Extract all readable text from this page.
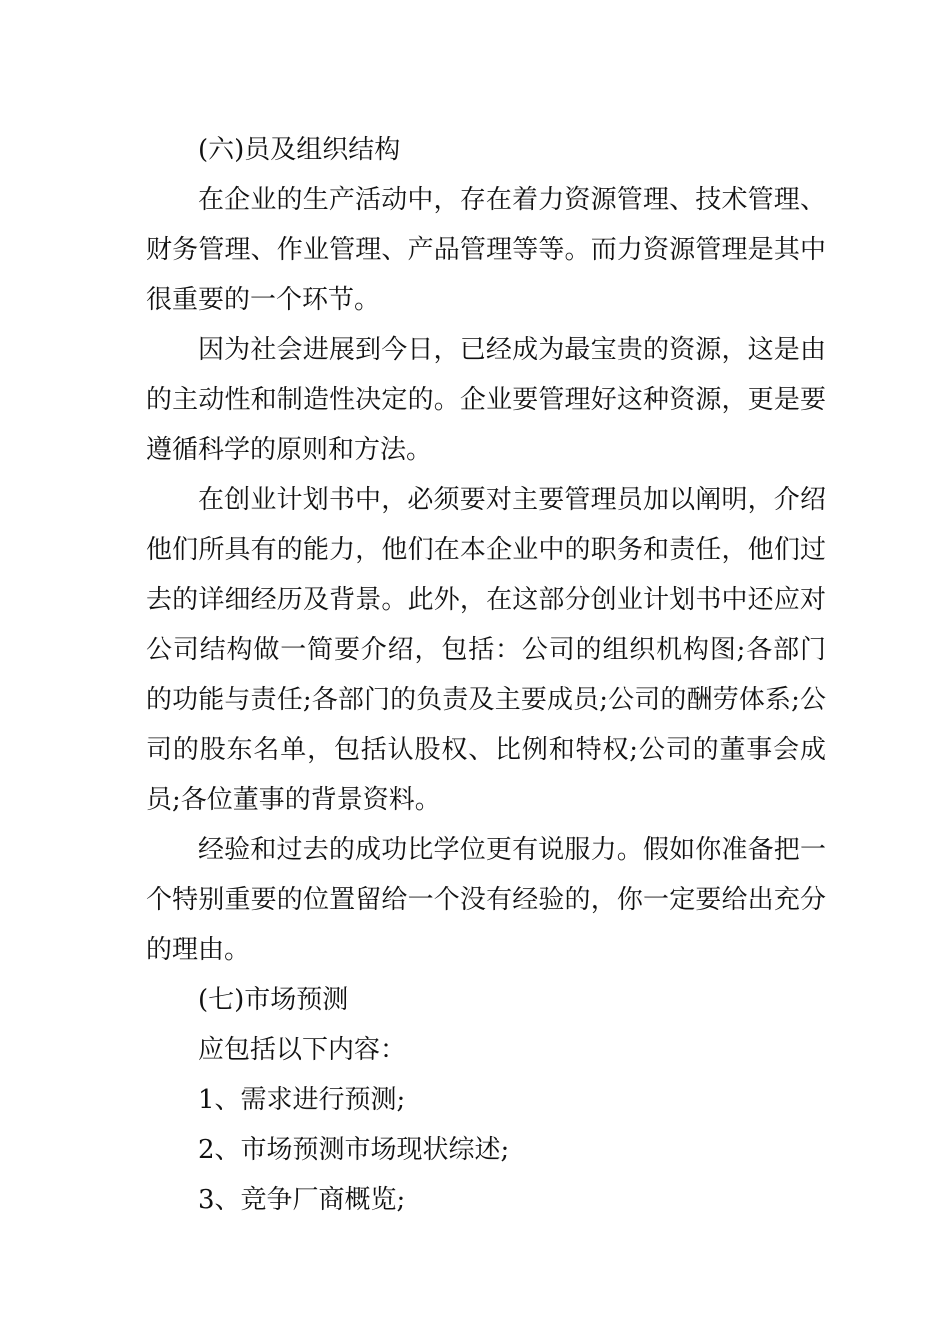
(六)员及组织结构

在企业的生产活动中，存在着力资源管理、技术管理、财务管理、作业管理、产品管理等等。而力资源管理是其中很重要的一个环节。

因为社会进展到今日，已经成为最宝贵的资源，这是由的主动性和制造性决定的。企业要管理好这种资源，更是要遵循科学的原则和方法。

在创业计划书中，必须要对主要管理员加以阐明，介绍他们所具有的能力，他们在本企业中的职务和责任，他们过去的详细经历及背景。此外，在这部分创业计划书中还应对公司结构做一简要介绍，包括：公司的组织机构图;各部门的功能与责任;各部门的负责及主要成员;公司的酬劳体系;公司的股东名单，包括认股权、比例和特权;公司的董事会成员;各位董事的背景资料。

经验和过去的成功比学位更有说服力。假如你准备把一个特别重要的位置留给一个没有经验的，你一定要给出充分的理由。

(七)市场预测

应包括以下内容：

1、需求进行预测;

2、市场预测市场现状综述;

3、竞争厂商概览;
